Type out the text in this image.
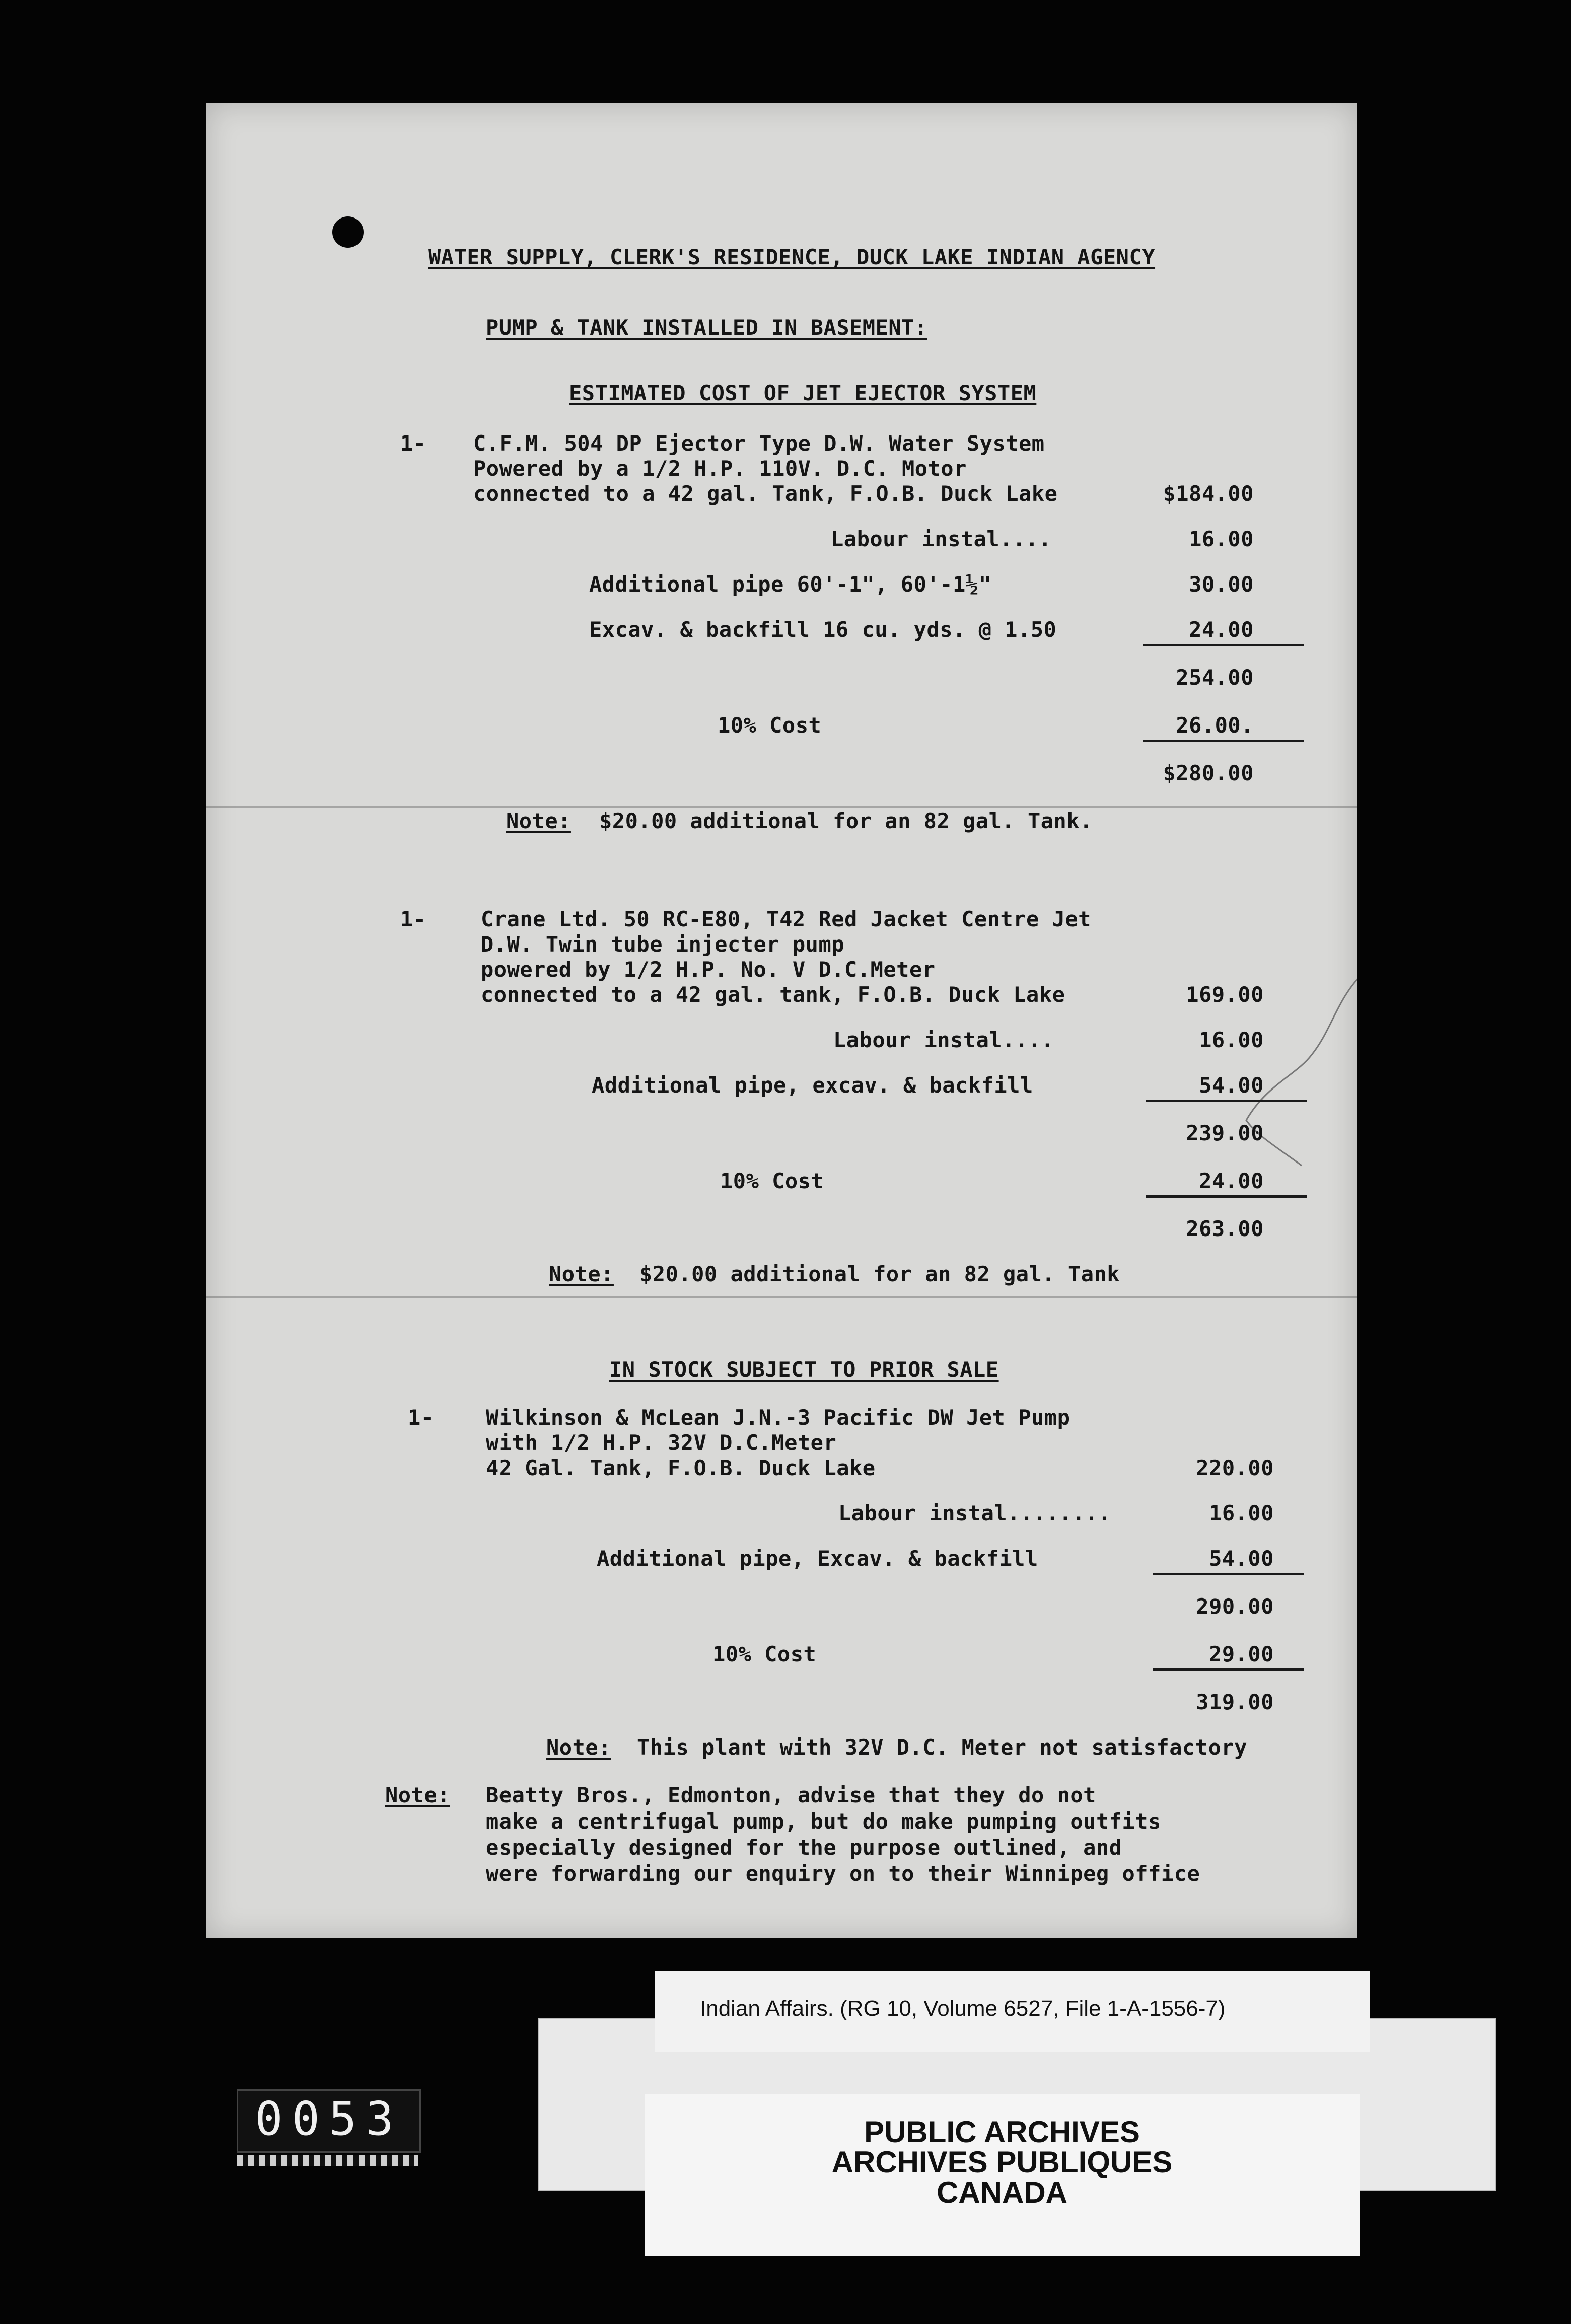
WATER SUPPLY, CLERK'S RESIDENCE, DUCK LAKE INDIAN AGENCY
PUMP & TANK INSTALLED IN BASEMENT:
ESTIMATED COST OF JET EJECTOR SYSTEM
1- C.F.M. 504 DP Ejector Type D.W. Water System
Powered by a 1/2 H.P. 110V. D.C. Motor
connected to a 42 gal. Tank, F.O.B. Duck Lake	$184.00
Labour instal....	16.00
Additional pipe 60'-1", 60'-1½"	30.00
Excav. & backfill 16 cu. yds. @ 1.50	24.00
254.00
10% Cost	26.00.
$280.00
Note: $20.00 additional for an 82 gal. Tank.
1-	Crane Ltd. 50 RC-E80, T42 Red Jacket Centre Jet
D.W. Twin tube injecter pump
powered by 1/2 H.P. No. V D.C.Meter
connected to a 42 gal. tank, F.O.B. Duck Lake	169.00
Labour instal....	16.00
Additional pipe, excav. & backfill	54.00
239.00
10% Cost	24.00
263.00
Note: $20.00 additional for an 82 gal. Tank
IN STOCK SUBJECT TO PRIOR SALE
1- Wilkinson & McLean J.N.-3 Pacific DW Jet Pump
with 1/2 H.P. 32V D.C.Meter
42 Gal. Tank, F.O.B. Duck Lake	220.00
Labour instal........	16.00
Additional pipe, Excav. & backfill	54.00
290.00
10% Cost	29.00
319.00
Note: This plant with 32V D.C. Meter not satisfactory
Note: Beatty Bros., Edmonton, advise that they do not
make a centrifugal pump, but do make pumping outfits
especially designed for the purpose outlined, and
were forwarding our enquiry on to their Winnipeg office
Indian Affairs. (RG 10, Volume 6527, File 1-A-1556-7)
PUBLIC ARCHIVES
ARCHIVES PUBLIQUES
CANADA
0053
